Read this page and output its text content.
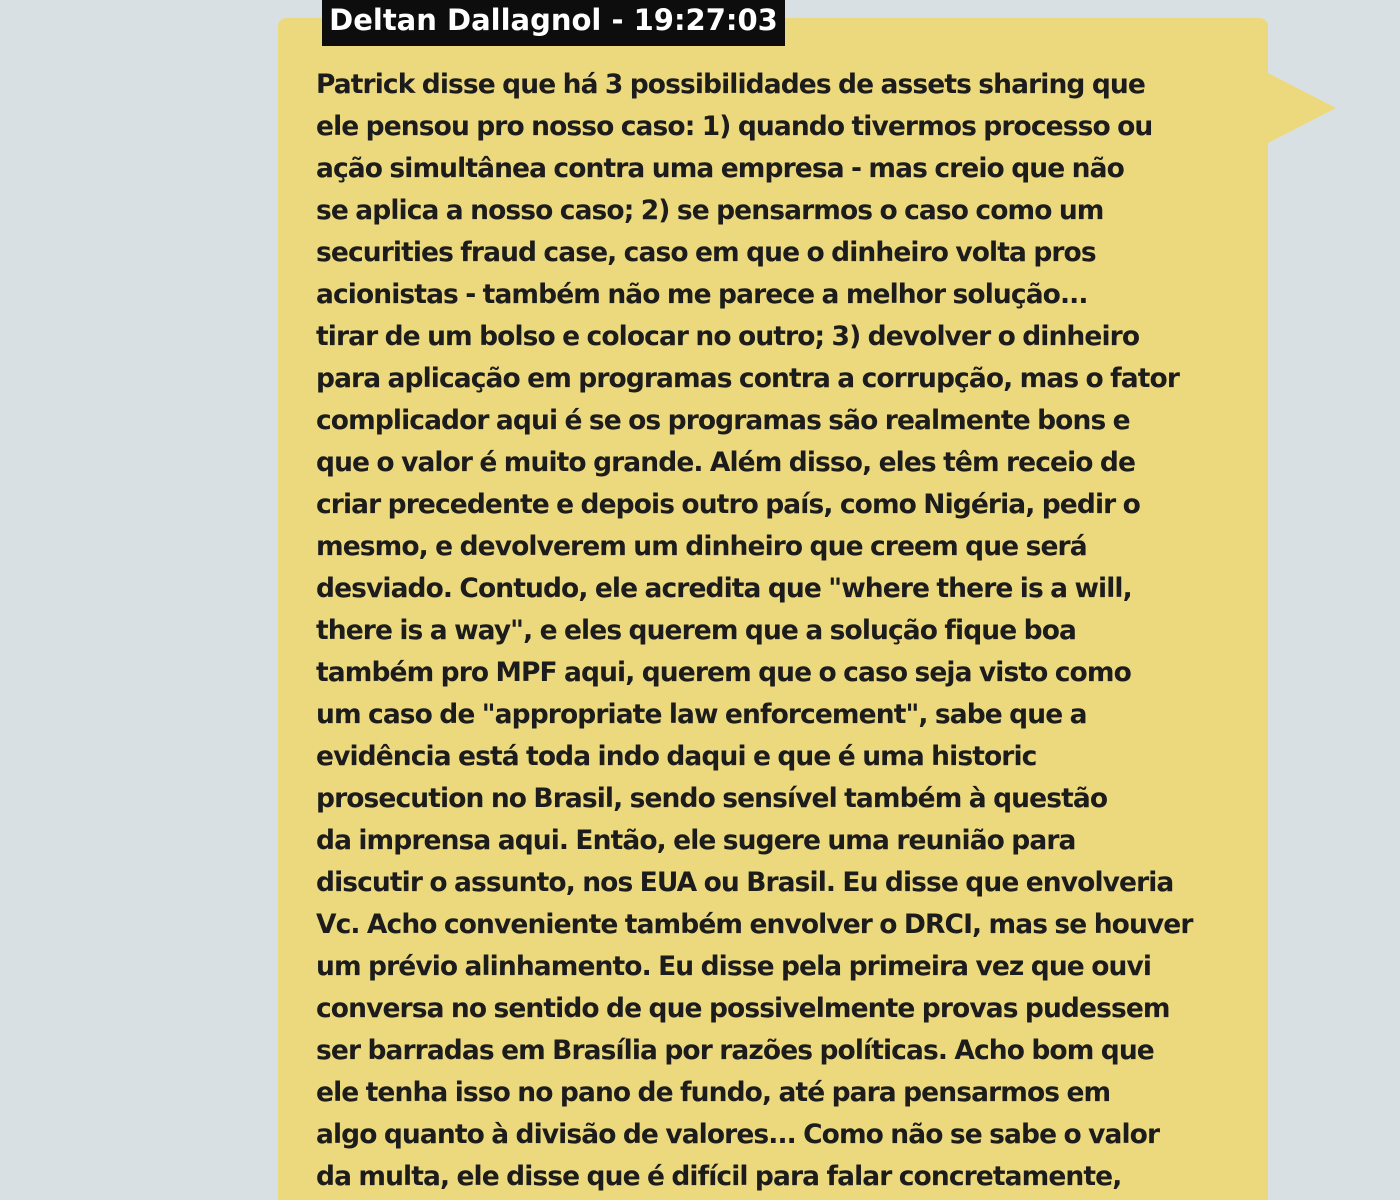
Deltan Dallagnol - 19:27:03
Patrick disse que há 3 possibilidades de assets sharing que
ele pensou pro nosso caso: 1) quando tivermos processo ou
ação simultânea contra uma empresa - mas creio que não
se aplica a nosso caso; 2) se pensarmos o caso como um
securities fraud case, caso em que o dinheiro volta pros
acionistas - também não me parece a melhor solução...
tirar de um bolso e colocar no outro; 3) devolver o dinheiro
para aplicação em programas contra a corrupção, mas o fator
complicador aqui é se os programas são realmente bons e
que o valor é muito grande. Além disso, eles têm receio de
criar precedente e depois outro país, como Nigéria, pedir o
mesmo, e devolverem um dinheiro que creem que será
desviado. Contudo, ele acredita que "where there is a will,
there is a way", e eles querem que a solução fique boa
também pro MPF aqui, querem que o caso seja visto como
um caso de "appropriate law enforcement", sabe que a
evidência está toda indo daqui e que é uma historic
prosecution no Brasil, sendo sensível também à questão
da imprensa aqui. Então, ele sugere uma reunião para
discutir o assunto, nos EUA ou Brasil. Eu disse que envolveria
Vc. Acho conveniente também envolver o DRCI, mas se houver
um prévio alinhamento. Eu disse pela primeira vez que ouvi
conversa no sentido de que possivelmente provas pudessem
ser barradas em Brasília por razões políticas. Acho bom que
ele tenha isso no pano de fundo, até para pensarmos em
algo quanto à divisão de valores... Como não se sabe o valor
da multa, ele disse que é difícil para falar concretamente,
